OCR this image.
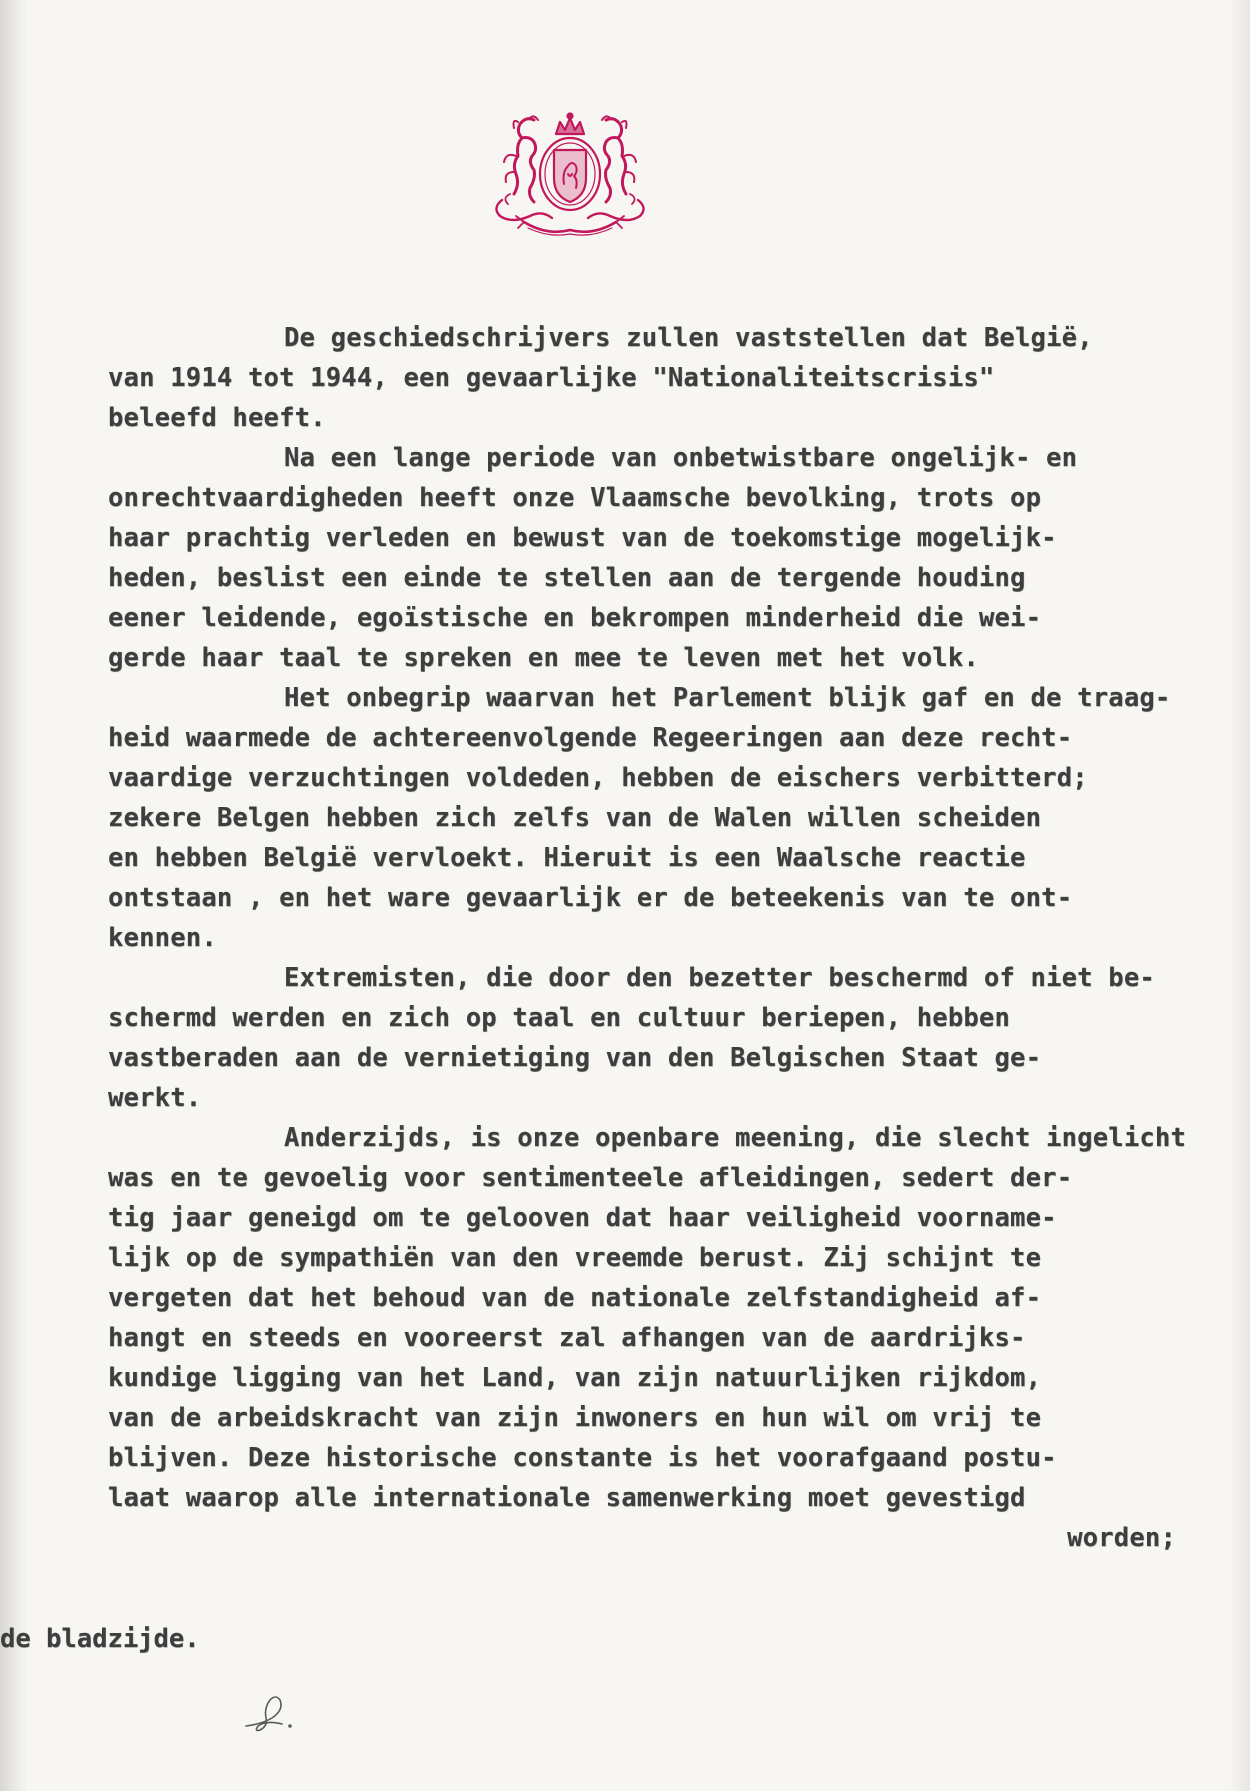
De geschiedschrijvers zullen vaststellen dat België,
van 1914 tot 1944, een gevaarlijke "Nationaliteitscrisis"
beleefd heeft.
Na een lange periode van onbetwistbare ongelijk- en
onrechtvaardigheden heeft onze Vlaamsche bevolking, trots op
haar prachtig verleden en bewust van de toekomstige mogelijk-
heden, beslist een einde te stellen aan de tergende houding
eener leidende, egoïstische en bekrompen minderheid die wei-
gerde haar taal te spreken en mee te leven met het volk.
Het onbegrip waarvan het Parlement blijk gaf en de traag-
heid waarmede de achtereenvolgende Regeeringen aan deze recht-
vaardige verzuchtingen voldeden, hebben de eischers verbitterd;
zekere Belgen hebben zich zelfs van de Walen willen scheiden
en hebben België vervloekt. Hieruit is een Waalsche reactie
ontstaan , en het ware gevaarlijk er de beteekenis van te ont-
kennen.
Extremisten, die door den bezetter beschermd of niet be-
schermd werden en zich op taal en cultuur beriepen, hebben
vastberaden aan de vernietiging van den Belgischen Staat ge-
werkt.
Anderzijds, is onze openbare meening, die slecht ingelicht
was en te gevoelig voor sentimenteele afleidingen, sedert der-
tig jaar geneigd om te gelooven dat haar veiligheid voorname-
lijk op de sympathiën van den vreemde berust. Zij schijnt te
vergeten dat het behoud van de nationale zelfstandigheid af-
hangt en steeds en vooreerst zal afhangen van de aardrijks-
kundige ligging van het Land, van zijn natuurlijken rijkdom,
van de arbeidskracht van zijn inwoners en hun wil om vrij te
blijven. Deze historische constante is het voorafgaand postu-
laat waarop alle internationale samenwerking moet gevestigd
worden;
de bladzijde.
